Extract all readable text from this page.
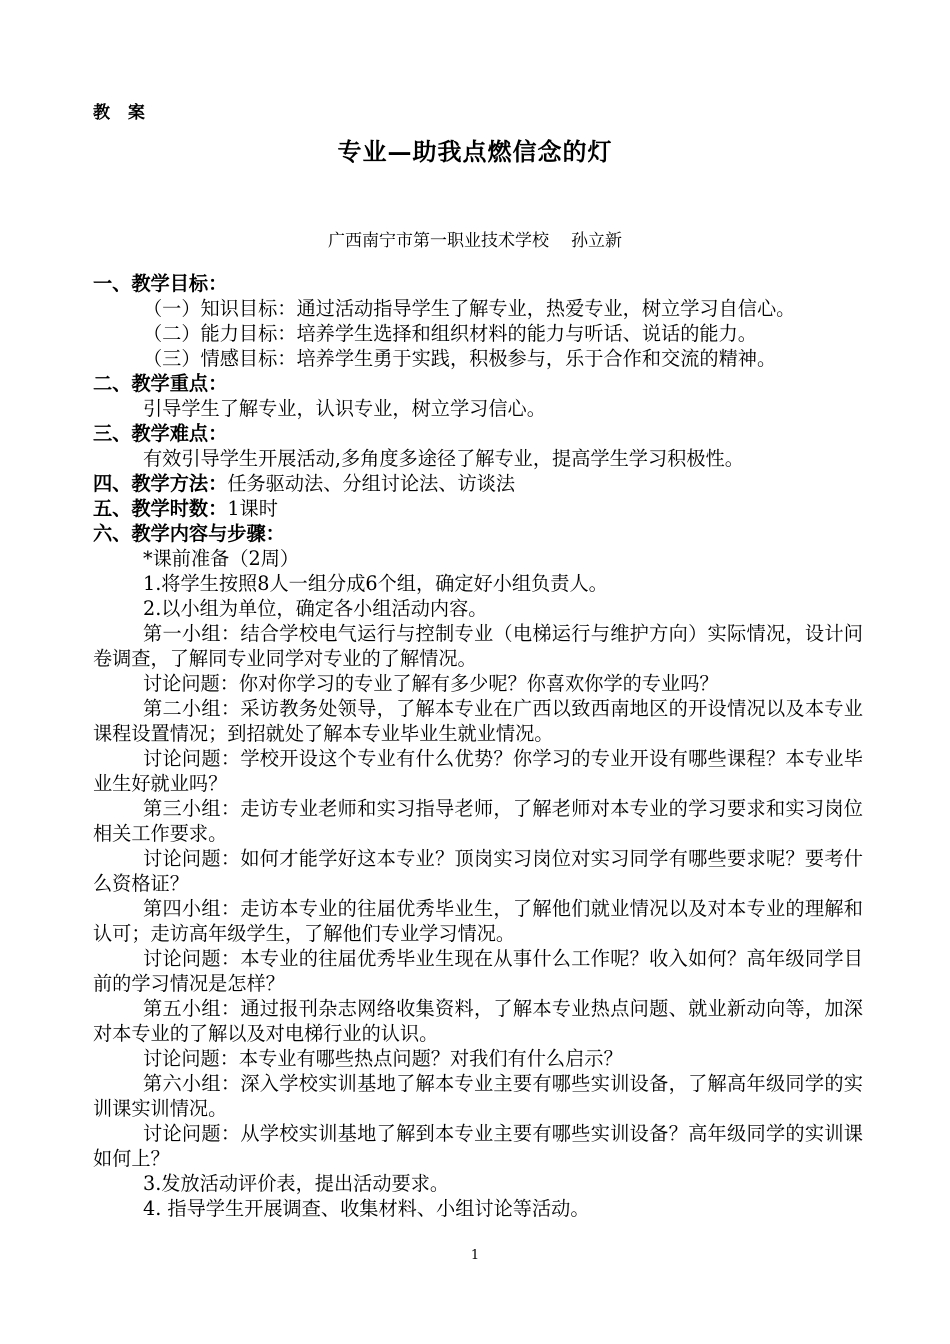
教 案
专业—助我点燃信念的灯
广西南宁市第一职业技术学校 孙立新

一、教学目标：

（一）知识目标：通过活动指导学生了解专业，热爱专业，树立学习自信心。

（二）能力目标：培养学生选择和组织材料的能力与听话、说话的能力。

（三）情感目标：培养学生勇于实践，积极参与，乐于合作和交流的精神。

二、教学重点：

引导学生了解专业，认识专业，树立学习信心。

三、教学难点：

有效引导学生开展活动,多角度多途径了解专业，提高学生学习积极性。

四、教学方法：任务驱动法、分组讨论法、访谈法

五、教学时数：1课时

六、教学内容与步骤：

*课前准备（2周）

1.将学生按照8人一组分成6个组，确定好小组负责人。

2.以小组为单位，确定各小组活动内容。

第一小组：结合学校电气运行与控制专业（电梯运行与维护方向）实际情况，设计问卷调查，了解同专业同学对专业的了解情况。

讨论问题：你对你学习的专业了解有多少呢？你喜欢你学的专业吗？

第二小组：采访教务处领导，了解本专业在广西以致西南地区的开设情况以及本专业课程设置情况；到招就处了解本专业毕业生就业情况。

讨论问题：学校开设这个专业有什么优势？你学习的专业开设有哪些课程？本专业毕业生好就业吗？

第三小组：走访专业老师和实习指导老师，了解老师对本专业的学习要求和实习岗位相关工作要求。

讨论问题：如何才能学好这本专业？顶岗实习岗位对实习同学有哪些要求呢？要考什么资格证？

第四小组：走访本专业的往届优秀毕业生，了解他们就业情况以及对本专业的理解和认可；走访高年级学生，了解他们专业学习情况。

讨论问题：本专业的往届优秀毕业生现在从事什么工作呢？收入如何？高年级同学目前的学习情况是怎样？

第五小组：通过报刊杂志网络收集资料，了解本专业热点问题、就业新动向等，加深对本专业的了解以及对电梯行业的认识。

讨论问题：本专业有哪些热点问题？对我们有什么启示？

第六小组：深入学校实训基地了解本专业主要有哪些实训设备，了解高年级同学的实训课实训情况。

讨论问题：从学校实训基地了解到本专业主要有哪些实训设备？高年级同学的实训课如何上？

3.发放活动评价表，提出活动要求。

4. 指导学生开展调查、收集材料、小组讨论等活动。

1
